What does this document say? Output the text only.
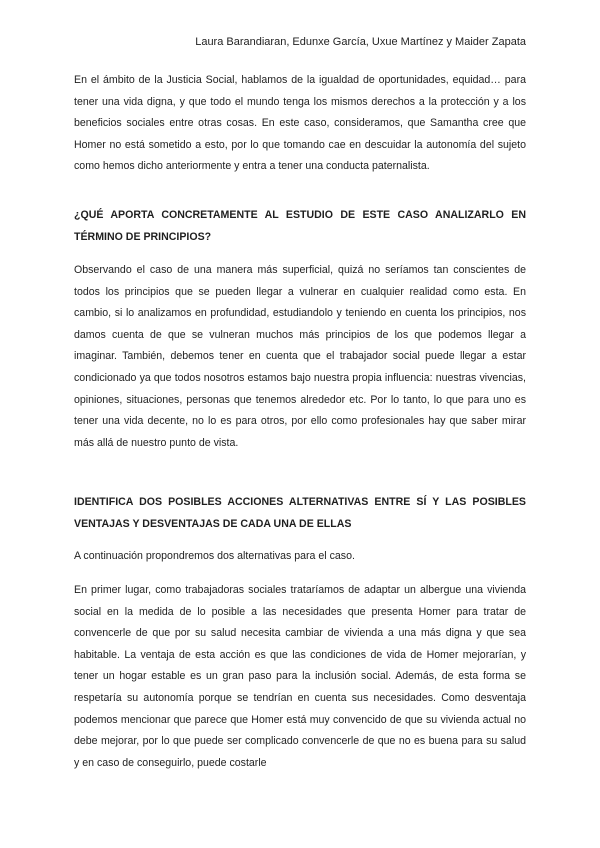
Laura Barandiaran, Edunxe García, Uxue Martínez y Maider Zapata

En el ámbito de la Justicia Social, hablamos de la igualdad de oportunidades, equidad… para tener una vida digna, y que todo el mundo tenga los mismos derechos a la protección y a los beneficios sociales entre otras cosas. En este caso, consideramos, que Samantha cree que Homer no está sometido a esto, por lo que tomando cae en descuidar la autonomía del sujeto como hemos dicho anteriormente y entra a tener una conducta paternalista.

¿QUÉ APORTA CONCRETAMENTE AL ESTUDIO DE ESTE CASO ANALIZARLO EN TÉRMINO DE PRINCIPIOS?

Observando el caso de una manera más superficial, quizá no seríamos tan conscientes de todos los principios que se pueden llegar a vulnerar en cualquier realidad como esta. En cambio, si lo analizamos en profundidad, estudiandolo y teniendo en cuenta los principios, nos damos cuenta de que se vulneran muchos más principios de los que podemos llegar a imaginar. También, debemos tener en cuenta que el trabajador social puede llegar a estar condicionado ya que todos nosotros estamos bajo nuestra propia influencia: nuestras vivencias, opiniones, situaciones, personas que tenemos alrededor etc. Por lo tanto, lo que para uno es tener una vida decente, no lo es para otros, por ello como profesionales hay que saber mirar más allá de nuestro punto de vista.

IDENTIFICA DOS POSIBLES ACCIONES ALTERNATIVAS ENTRE SÍ Y LAS POSIBLES VENTAJAS Y DESVENTAJAS DE CADA UNA DE ELLAS

A continuación propondremos dos alternativas para el caso.

En primer lugar, como trabajadoras sociales trataríamos de adaptar un albergue una vivienda social en la medida de lo posible a las necesidades que presenta Homer para tratar de convencerle de que por su salud necesita cambiar de vivienda a una más digna y que sea habitable. La ventaja de esta acción es que las condiciones de vida de Homer mejorarían, y tener un hogar estable es un gran paso para la inclusión social. Además, de esta forma se respetaría su autonomía porque se tendrían en cuenta sus necesidades. Como desventaja podemos mencionar que parece que Homer está muy convencido de que su vivienda actual no debe mejorar, por lo que puede ser complicado convencerle de que no es buena para su salud y en caso de conseguirlo, puede costarle
